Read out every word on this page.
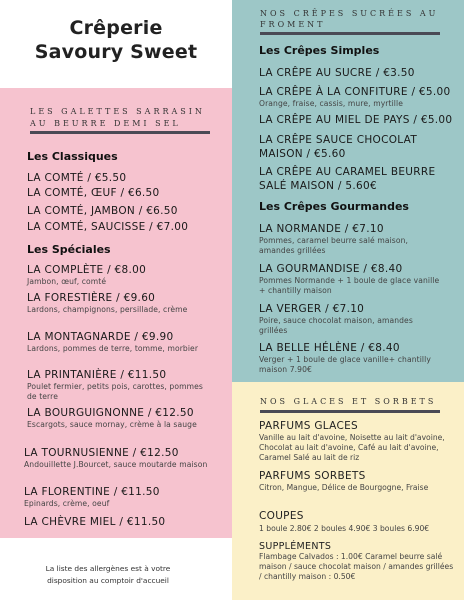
Crêperie
Savoury Sweet
LES GALETTES SARRASIN
AU BEURRE DEMI SEL
Les Classiques
LA COMTÉ / €5.50
LA COMTÉ, ŒUF / €6.50
LA COMTÉ, JAMBON / €6.50
LA COMTÉ, SAUCISSE / €7.00
Les Spéciales
LA COMPLÈTE / €8.00
Jambon, œuf, comté
LA FORESTIÈRE / €9.60
Lardons, champignons, persillade, crème
LA MONTAGNARDE / €9.90
Lardons, pommes de terre, tomme, morbier
LA PRINTANIÈRE / €11.50
Poulet fermier, petits pois, carottes, pommes de terre
LA BOURGUIGNONNE / €12.50
Escargots, sauce mornay, crème à la sauge
LA TOURNUSIENNE / €12.50
Andouillette J.Bourcet, sauce moutarde maison
LA FLORENTINE / €11.50
Epinards, crème, oeuf
LA CHÈVRE MIEL / €11.50
La liste des allergènes est à votre
disposition au comptoir d'accueil
NOS CRÊPES SUCRÉES AU
FROMENT
Les Crêpes Simples
LA CRÊPE AU SUCRE / €3.50
LA CRÊPE À LA CONFITURE / €5.00
Orange, fraise, cassis, mure, myrtille
LA CRÊPE AU MIEL DE PAYS / €5.00
LA CRÊPE SAUCE CHOCOLAT
MAISON / €5.60
LA CRÊPE AU CARAMEL BEURRE
SALÉ MAISON / 5.60€
Les Crêpes Gourmandes
LA NORMANDE / €7.10
Pommes, caramel beurre salé maison, amandes grillées
LA GOURMANDISE / €8.40
Pommes Normande + 1 boule de glace vanille + chantilly maison
LA VERGER / €7.10
Poire, sauce chocolat maison, amandes grillées
LA BELLE HÉLÈNE / €8.40
Verger + 1 boule de glace vanille+ chantilly maison 7.90€
NOS GLACES ET SORBETS
PARFUMS GLACES
Vanille au lait d'avoine, Noisette au lait d'avoine, Chocolat au lait d'avoine, Café au lait d'avoine, Caramel Salé au lait de riz
PARFUMS SORBETS
Citron, Mangue, Délice de Bourgogne, Fraise
COUPES
1 boule 2.80€ 2 boules 4.90€ 3 boules 6.90€
SUPPLÉMENTS
Flambage Calvados : 1.00€ Caramel beurre salé maison / sauce chocolat maison / amandes grillées / chantilly maison : 0.50€
